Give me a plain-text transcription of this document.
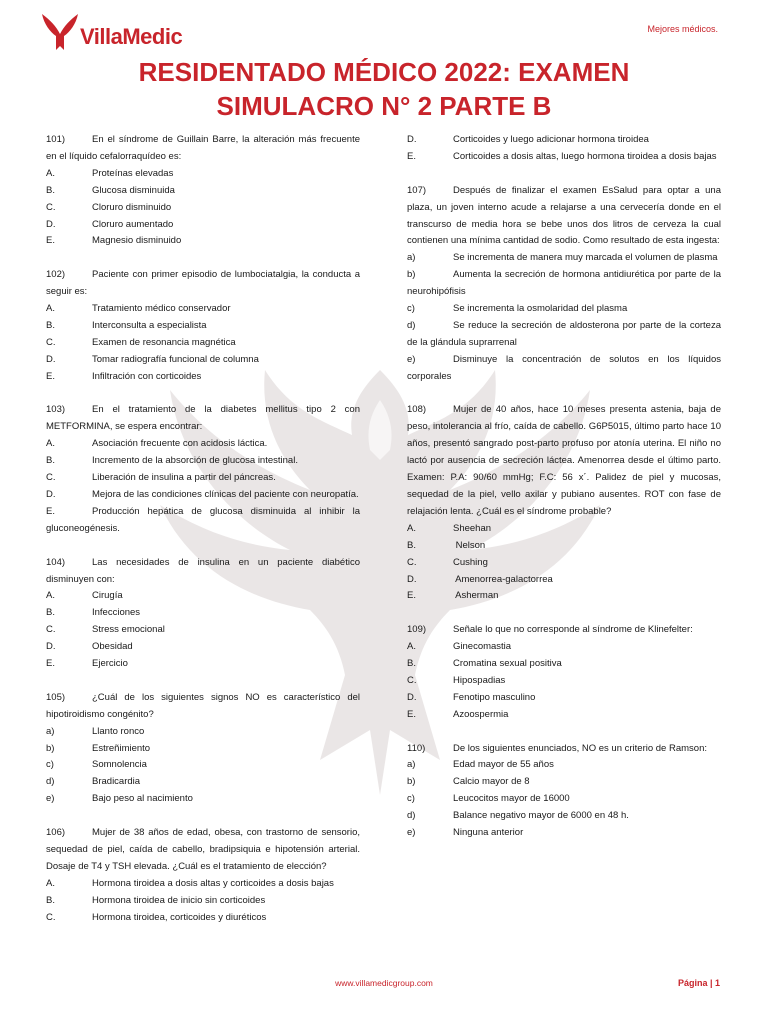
VillaMedic	Mejores médicos.
RESIDENTADO MÉDICO 2022: EXAMEN
SIMULACRO N° 2 PARTE B
101)	En el síndrome de Guillain Barre, la alteración más frecuente en el líquido cefalorraquídeo es:
A.	Proteínas elevadas
B.	Glucosa disminuida
C.	Cloruro disminuido
D.	Cloruro aumentado
E.	Magnesio disminuido
102)	Paciente con primer episodio de lumbociatalgia, la conducta a seguir es:
A.	Tratamiento médico conservador
B.	Interconsulta a especialista
C.	Examen de resonancia magnética
D.	Tomar radiografía funcional de columna
E.	Infiltración con corticoides
103)	En el tratamiento de la diabetes mellitus tipo 2 con METFORMINA, se espera encontrar:
A.	Asociación frecuente con acidosis láctica.
B.	Incremento de la absorción de glucosa intestinal.
C.	Liberación de insulina a partir del páncreas.
D.	Mejora de las condiciones clínicas del paciente con neuropatía.
E.	Producción hepática de glucosa disminuida al inhibir la gluconeogénesis.
104)	Las necesidades de insulina en un paciente diabético disminuyen con:
A.	Cirugía
B.	Infecciones
C.	Stress emocional
D.	Obesidad
E.	Ejercicio
105)	¿Cuál de los siguientes signos NO es característico del hipotiroidismo congénito?
a)	Llanto ronco
b)	Estreñimiento
c)	Somnolencia
d)	Bradicardia
e)	Bajo peso al nacimiento
106)	Mujer de 38 años de edad, obesa, con trastorno de sensorio, sequedad de piel, caída de cabello, bradipsiquia e hipotensión arterial. Dosaje de T4 y TSH elevada. ¿Cuál es el tratamiento de elección?
A.	Hormona tiroidea a dosis altas y corticoides a dosis bajas
B.	Hormona tiroidea de inicio sin corticoides
C.	Hormona tiroidea, corticoides y diuréticos
D.	Corticoides y luego adicionar hormona tiroidea
E.	Corticoides a dosis altas, luego hormona tiroidea a dosis bajas
107)	Después de finalizar el examen EsSalud para optar a una plaza, un joven interno acude a relajarse a una cervecería donde en el transcurso de media hora se bebe unos dos litros de cerveza la cual contienen una mínima cantidad de sodio. Como resultado de esta ingesta:
a)	Se incrementa de manera muy marcada el volumen de plasma
b)	Aumenta la secreción de hormona antidiurética por parte de la neurohipófisis
c)	Se incrementa la osmolaridad del plasma
d)	Se reduce la secreción de aldosterona por parte de la corteza de la glándula suprarrenal
e)	Disminuye la concentración de solutos en los líquidos corporales
108)	Mujer de 40 años, hace 10 meses presenta astenia, baja de peso, intolerancia al frío, caída de cabello. G6P5015, último parto hace 10 años, presentó sangrado post-parto profuso por atonía uterina. El niño no lactó por ausencia de secreción láctea. Amenorrea desde el último parto. Examen: P.A: 90/60 mmHg; F.C: 56 x´. Palidez de piel y mucosas, sequedad de la piel, vello axilar y pubiano ausentes. ROT con fase de relajación lenta. ¿Cuál es el síndrome probable?
A.	Sheehan
B.	Nelson
C.	Cushing
D.	Amenorrea-galactorrea
E.	Asherman
109)	Señale lo que no corresponde al síndrome de Klinefelter:
A.	Ginecomastia
B.	Cromatina sexual positiva
C.	Hipospadias
D.	Fenotipo masculino
E.	Azoospermia
110)	De los siguientes enunciados, NO es un criterio de Ramson:
a)	Edad mayor de 55 años
b)	Calcio mayor de 8
c)	Leucocitos mayor de 16000
d)	Balance negativo mayor de 6000 en 48 h.
e)	Ninguna anterior
www.villamedicgroup.com	Página | 1
